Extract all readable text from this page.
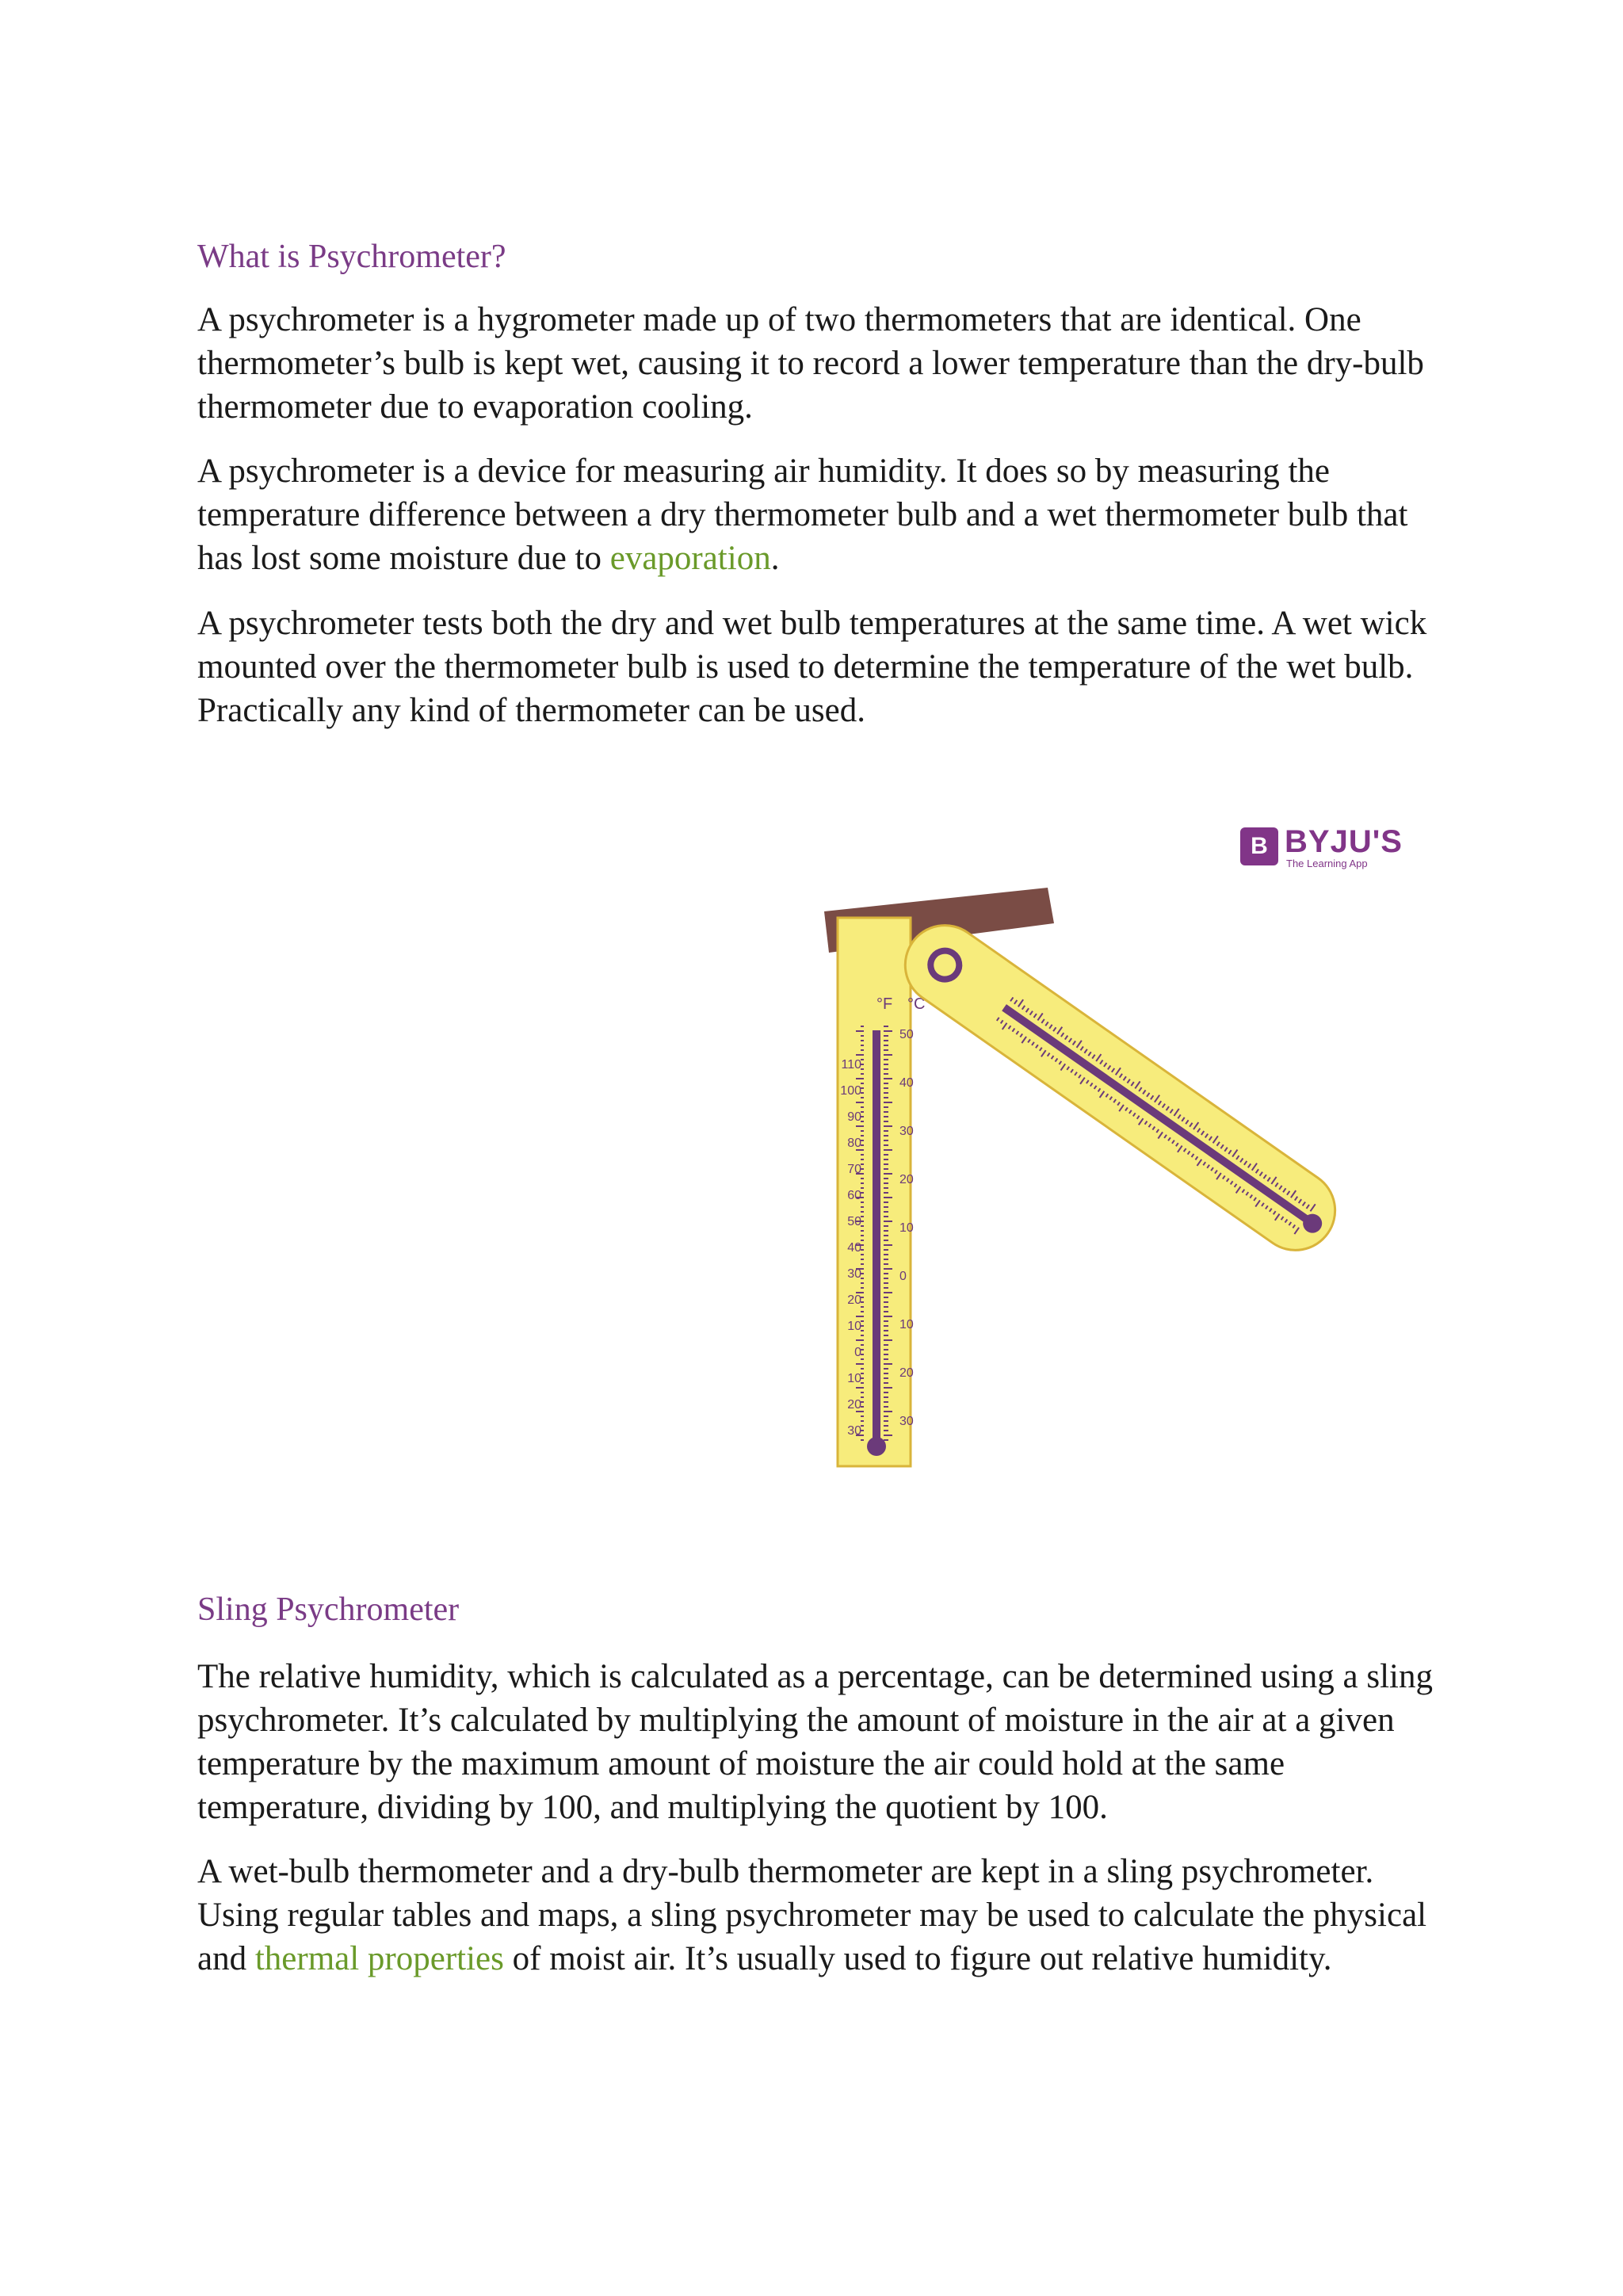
What is Psychrometer?

A psychrometer is a hygrometer made up of two thermometers that are identical. One thermometer’s bulb is kept wet, causing it to record a lower temperature than the dry-bulb thermometer due to evaporation cooling.

A psychrometer is a device for measuring air humidity. It does so by measuring the temperature difference between a dry thermometer bulb and a wet thermometer bulb that has lost some moisture due to evaporation.

A psychrometer tests both the dry and wet bulb temperatures at the same time. A wet wick mounted over the thermometer bulb is used to determine the temperature of the wet bulb. Practically any kind of thermometer can be used.

B BYJU'S
The Learning App
°F °C
110
100
90
80
70
60
50
40
30
20
10
0
10
20
30
50
40
30
20
10
0
10
20
30
Sling Psychrometer

The relative humidity, which is calculated as a percentage, can be determined using a sling psychrometer. It’s calculated by multiplying the amount of moisture in the air at a given temperature by the maximum amount of moisture the air could hold at the same temperature, dividing by 100, and multiplying the quotient by 100.

A wet-bulb thermometer and a dry-bulb thermometer are kept in a sling psychrometer. Using regular tables and maps, a sling psychrometer may be used to calculate the physical and thermal properties of moist air. It’s usually used to figure out relative humidity.
